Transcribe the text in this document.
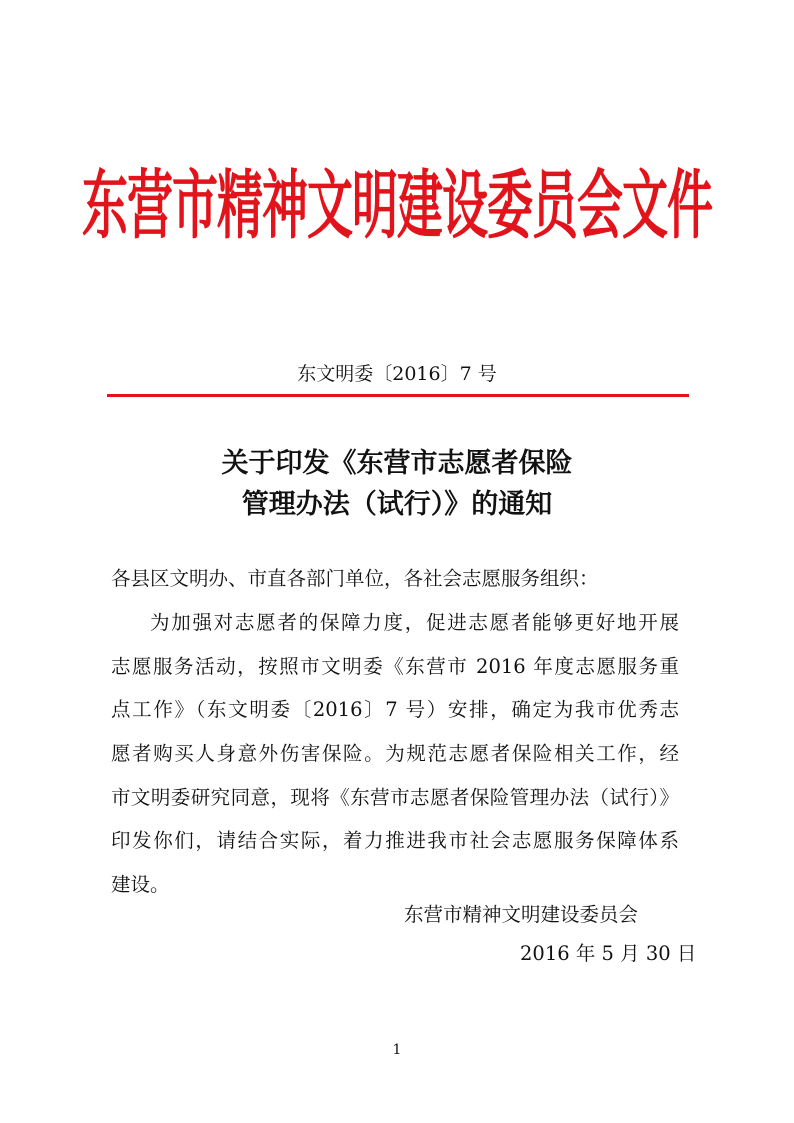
东营市精神文明建设委员会文件
东文明委〔2016〕7 号
关于印发《东营市志愿者保险
管理办法（试行）》的通知
各县区文明办、市直各部门单位，各社会志愿服务组织：
为加强对志愿者的保障力度，促进志愿者能够更好地开展
志愿服务活动，按照市文明委《东营市 2016 年度志愿服务重
点工作》（东文明委〔2016〕7 号）安排，确定为我市优秀志
愿者购买人身意外伤害保险。为规范志愿者保险相关工作，经
市文明委研究同意，现将《东营市志愿者保险管理办法（试行）》
印发你们，请结合实际，着力推进我市社会志愿服务保障体系
建设。
东营市精神文明建设委员会
2016 年 5 月 30 日
1
